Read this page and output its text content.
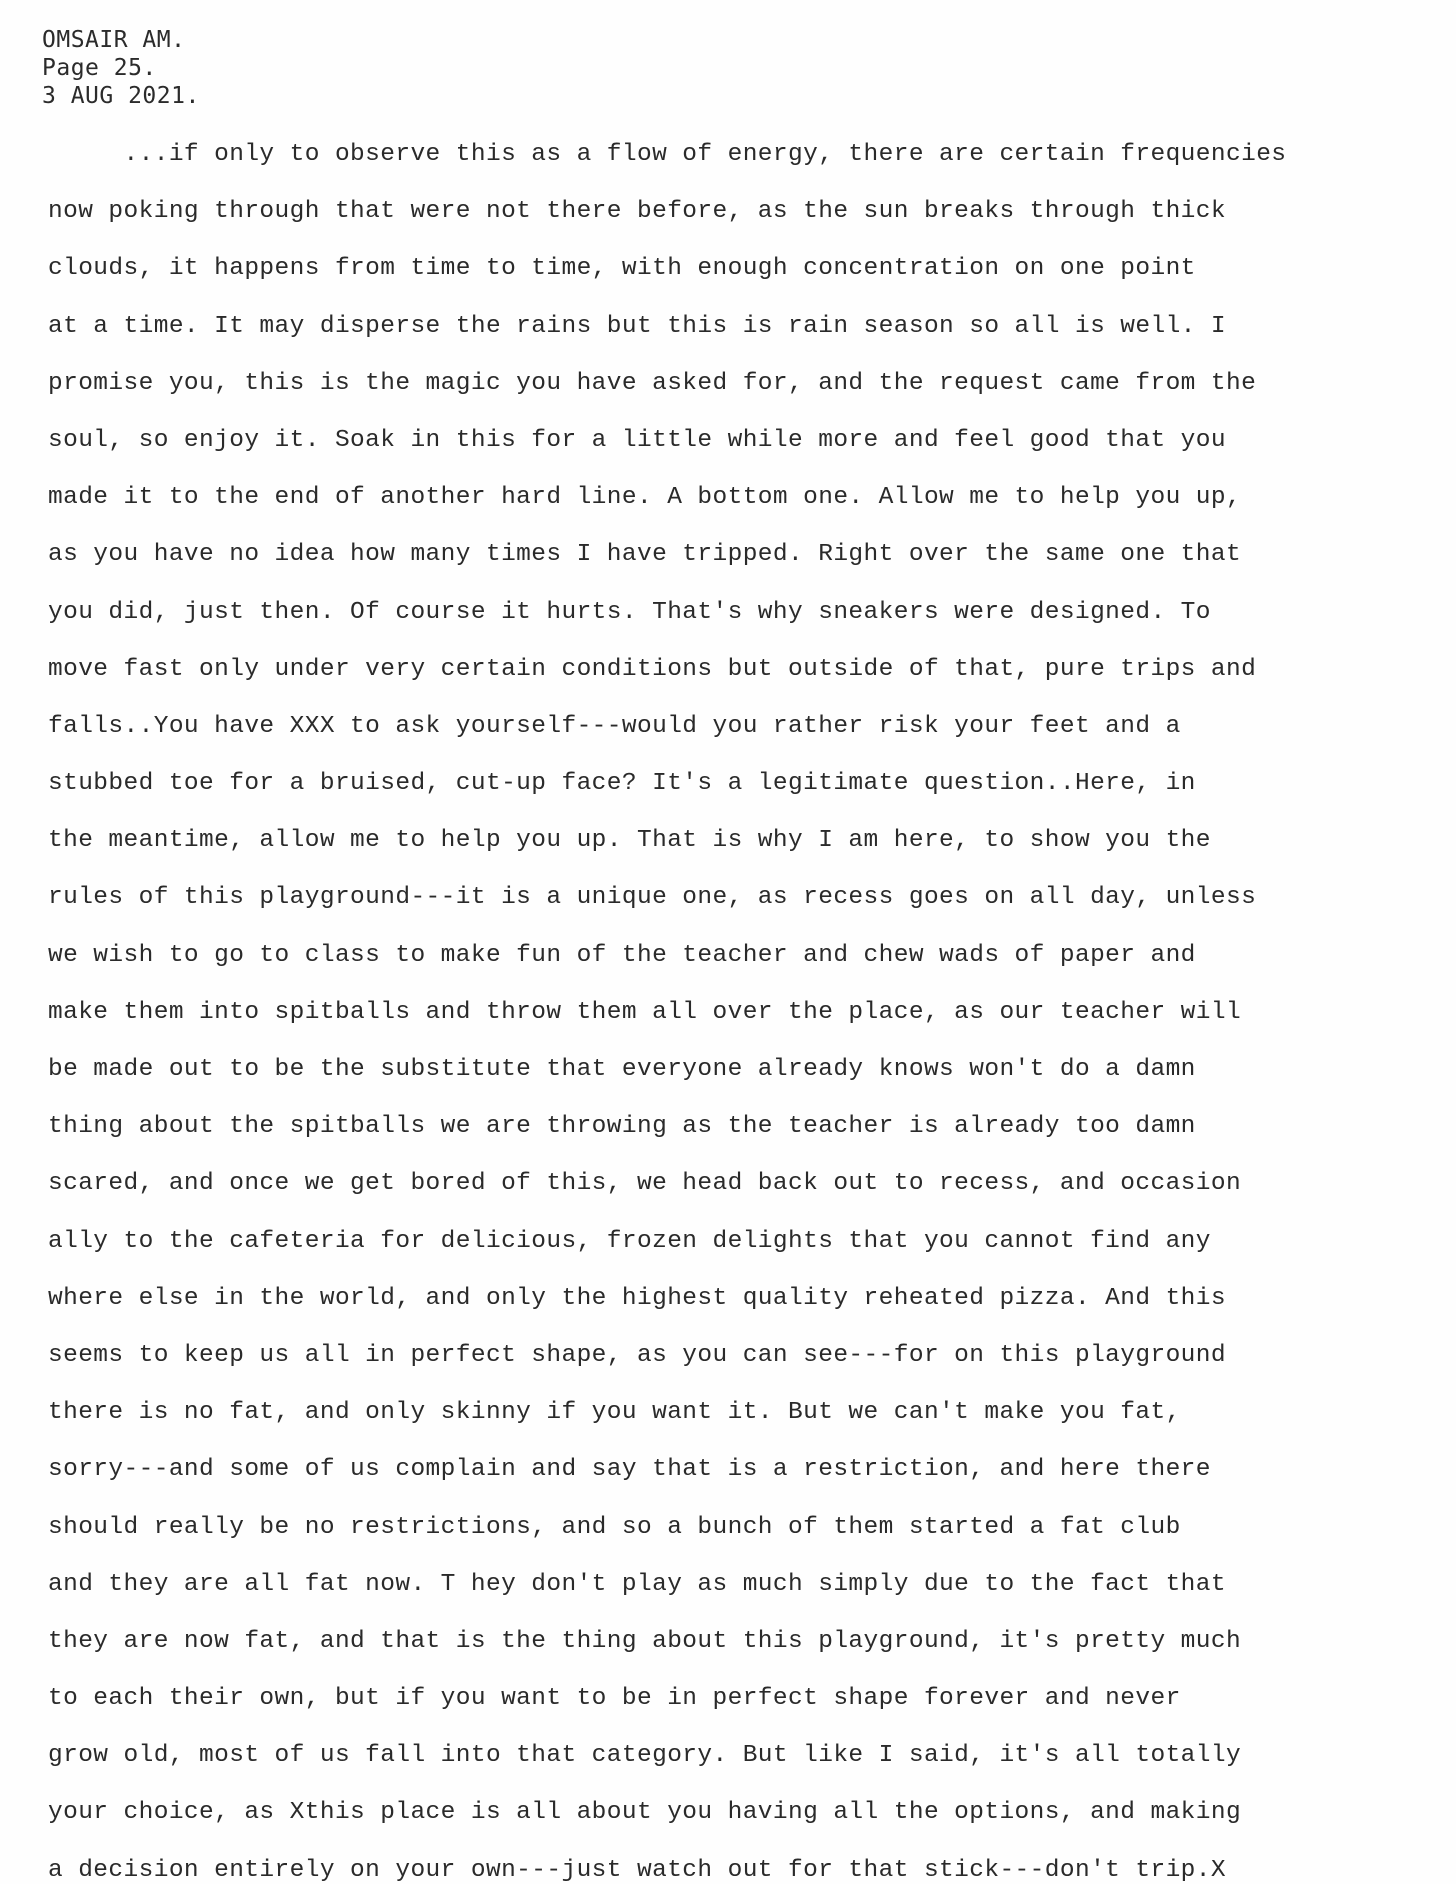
OMSAIR AM.
Page 25.
3 AUG 2021.
...if only to observe this as a flow of energy, there are certain frequencies
now poking through that were not there before, as the sun breaks through thick
clouds, it happens from time to time, with enough concentration on one point
at a time. It may disperse the rains but this is rain season so all is well. I
promise you, this is the magic you have asked for, and the request came from the
soul, so enjoy it. Soak in this for a little while more and feel good that you
made it to the end of another hard line. A bottom one. Allow me to help you up,
as you have no idea how many times I have tripped. Right over the same one that
you did, just then. Of course it hurts. That's why sneakers were designed. To
move fast only under very certain conditions but outside of that, pure trips and
falls..You have XXX to ask yourself---would you rather risk your feet and a
stubbed toe for a bruised, cut-up face? It's a legitimate question..Here, in
the meantime, allow me to help you up. That is why I am here, to show you the
rules of this playground---it is a unique one, as recess goes on all day, unless
we wish to go to class to make fun of the teacher and chew wads of paper and
make them into spitballs and throw them all over the place, as our teacher will
be made out to be the substitute that everyone already knows won't do a damn
thing about the spitballs we are throwing as the teacher is already too damn
scared, and once we get bored of this, we head back out to recess, and occasion
ally to the cafeteria for delicious, frozen delights that you cannot find any
where else in the world, and only the highest quality reheated pizza. And this
seems to keep us all in perfect shape, as you can see---for on this playground
there is no fat, and only skinny if you want it. But we can't make you fat,
sorry---and some of us complain and say that is a restriction, and here there
should really be no restrictions, and so a bunch of them started a fat club
and they are all fat now. T hey don't play as much simply due to the fact that
they are now fat, and that is the thing about this playground, it's pretty much
to each their own, but if you want to be in perfect shape forever and never
grow old, most of us fall into that category. But like I said, it's all totally
your choice, as Xthis place is all about you having all the options, and making
a decision entirely on your own---just watch out for that stick---don't trip.X
